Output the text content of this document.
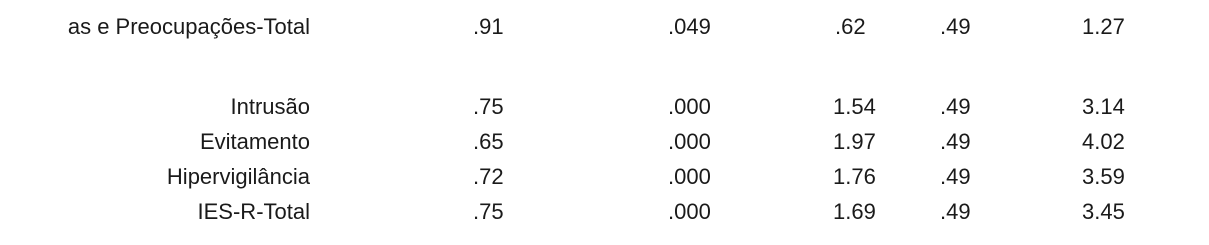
as e Preocupações-Total	.91	.049	.62	.49	1.27
Intrusão	.75	.000	1.54	.49	3.14
Evitamento	.65	.000	1.97	.49	4.02
Hipervigilância	.72	.000	1.76	.49	3.59
IES-R-Total	.75	.000	1.69	.49	3.45
